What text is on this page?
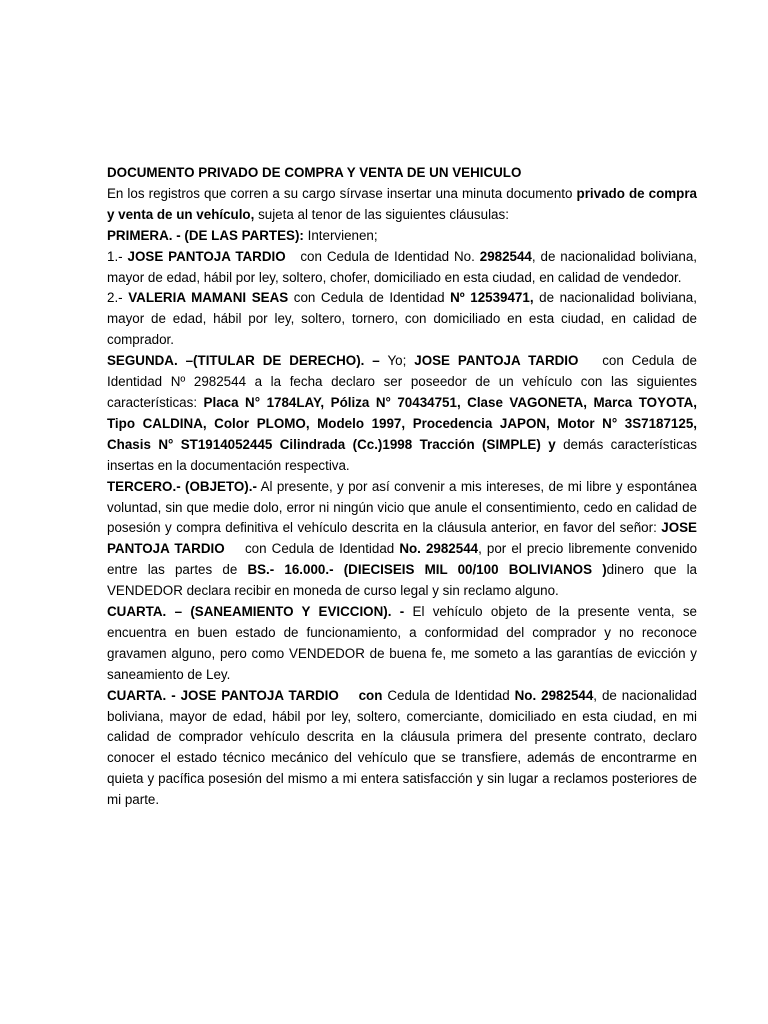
DOCUMENTO PRIVADO DE COMPRA Y VENTA DE UN VEHICULO

En los registros que corren a su cargo sírvase insertar una minuta documento privado de compra y venta de un vehículo, sujeta al tenor de las siguientes cláusulas:

PRIMERA. - (DE LAS PARTES): Intervienen;

1.- JOSE PANTOJA TARDIO   con Cedula de Identidad No. 2982544, de nacionalidad boliviana, mayor de edad, hábil por ley, soltero, chofer, domiciliado en esta ciudad, en calidad de vendedor.

2.- VALERIA MAMANI SEAS con Cedula de Identidad Nº 12539471, de nacionalidad boliviana, mayor de edad, hábil por ley, soltero, tornero, con domiciliado en esta ciudad, en calidad de comprador.

SEGUNDA. –(TITULAR DE DERECHO). – Yo; JOSE PANTOJA TARDIO   con Cedula de Identidad Nº 2982544 a la fecha declaro ser poseedor de un vehículo con las siguientes características: Placa N° 1784LAY, Póliza N° 70434751, Clase VAGONETA, Marca TOYOTA, Tipo CALDINA, Color PLOMO, Modelo 1997, Procedencia JAPON, Motor N° 3S7187125, Chasis N° ST1914052445 Cilindrada (Cc.)1998 Tracción (SIMPLE) y demás características insertas en la documentación respectiva.

TERCERO.- (OBJETO).- Al presente, y por así convenir a mis intereses, de mi libre y espontánea voluntad, sin que medie dolo, error ni ningún vicio que anule el consentimiento, cedo en calidad de posesión y compra definitiva el vehículo descrita en la cláusula anterior, en favor del señor: JOSE PANTOJA TARDIO    con Cedula de Identidad No. 2982544, por el precio libremente convenido entre las partes de BS.- 16.000.- (DIECISEIS MIL 00/100 BOLIVIANOS )dinero que la VENDEDOR declara recibir en moneda de curso legal y sin reclamo alguno.

CUARTA. – (SANEAMIENTO Y EVICCION). - El vehículo objeto de la presente venta, se encuentra en buen estado de funcionamiento, a conformidad del comprador y no reconoce gravamen alguno, pero como VENDEDOR de buena fe, me someto a las garantías de evicción y saneamiento de Ley.

CUARTA. - JOSE PANTOJA TARDIO    con Cedula de Identidad No. 2982544, de nacionalidad boliviana, mayor de edad, hábil por ley, soltero, comerciante, domiciliado en esta ciudad, en mi calidad de comprador vehículo descrita en la cláusula primera del presente contrato, declaro conocer el estado técnico mecánico del vehículo que se transfiere, además de encontrarme en quieta y pacífica posesión del mismo a mi entera satisfacción y sin lugar a reclamos posteriores de mi parte.
